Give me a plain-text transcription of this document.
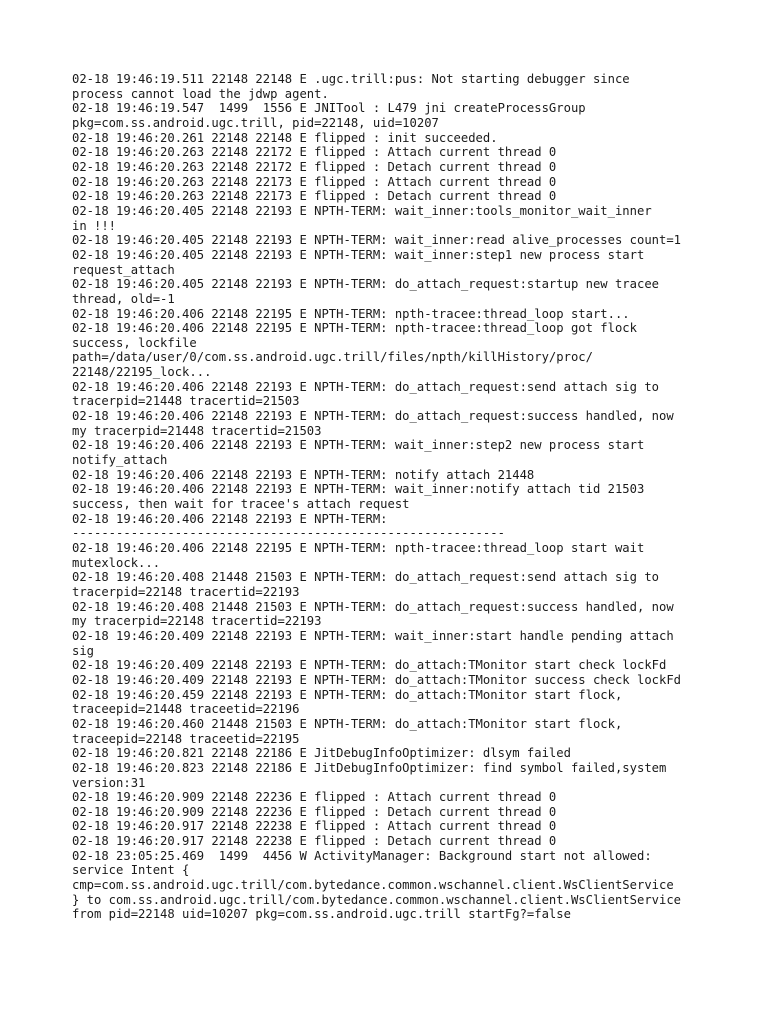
02-18 19:46:19.511 22148 22148 E .ugc.trill:pus: Not starting debugger since
process cannot load the jdwp agent.
02-18 19:46:19.547  1499  1556 E JNITool : L479 jni createProcessGroup
pkg=com.ss.android.ugc.trill, pid=22148, uid=10207
02-18 19:46:20.261 22148 22148 E flipped : init succeeded.
02-18 19:46:20.263 22148 22172 E flipped : Attach current thread 0
02-18 19:46:20.263 22148 22172 E flipped : Detach current thread 0
02-18 19:46:20.263 22148 22173 E flipped : Attach current thread 0
02-18 19:46:20.263 22148 22173 E flipped : Detach current thread 0
02-18 19:46:20.405 22148 22193 E NPTH-TERM: wait_inner:tools_monitor_wait_inner
in !!!
02-18 19:46:20.405 22148 22193 E NPTH-TERM: wait_inner:read alive_processes count=1
02-18 19:46:20.405 22148 22193 E NPTH-TERM: wait_inner:step1 new process start
request_attach
02-18 19:46:20.405 22148 22193 E NPTH-TERM: do_attach_request:startup new tracee
thread, old=-1
02-18 19:46:20.406 22148 22195 E NPTH-TERM: npth-tracee:thread_loop start...
02-18 19:46:20.406 22148 22195 E NPTH-TERM: npth-tracee:thread_loop got flock
success, lockfile
path=/data/user/0/com.ss.android.ugc.trill/files/npth/killHistory/proc/
22148/22195_lock...
02-18 19:46:20.406 22148 22193 E NPTH-TERM: do_attach_request:send attach sig to
tracerpid=21448 tracertid=21503
02-18 19:46:20.406 22148 22193 E NPTH-TERM: do_attach_request:success handled, now
my tracerpid=21448 tracertid=21503
02-18 19:46:20.406 22148 22193 E NPTH-TERM: wait_inner:step2 new process start
notify_attach
02-18 19:46:20.406 22148 22193 E NPTH-TERM: notify attach 21448
02-18 19:46:20.406 22148 22193 E NPTH-TERM: wait_inner:notify attach tid 21503
success, then wait for tracee's attach request
02-18 19:46:20.406 22148 22193 E NPTH-TERM:
-----------------------------------------------------------
02-18 19:46:20.406 22148 22195 E NPTH-TERM: npth-tracee:thread_loop start wait
mutexlock...
02-18 19:46:20.408 21448 21503 E NPTH-TERM: do_attach_request:send attach sig to
tracerpid=22148 tracertid=22193
02-18 19:46:20.408 21448 21503 E NPTH-TERM: do_attach_request:success handled, now
my tracerpid=22148 tracertid=22193
02-18 19:46:20.409 22148 22193 E NPTH-TERM: wait_inner:start handle pending attach
sig
02-18 19:46:20.409 22148 22193 E NPTH-TERM: do_attach:TMonitor start check lockFd
02-18 19:46:20.409 22148 22193 E NPTH-TERM: do_attach:TMonitor success check lockFd
02-18 19:46:20.459 22148 22193 E NPTH-TERM: do_attach:TMonitor start flock,
traceepid=21448 traceetid=22196
02-18 19:46:20.460 21448 21503 E NPTH-TERM: do_attach:TMonitor start flock,
traceepid=22148 traceetid=22195
02-18 19:46:20.821 22148 22186 E JitDebugInfoOptimizer: dlsym failed
02-18 19:46:20.823 22148 22186 E JitDebugInfoOptimizer: find symbol failed,system
version:31
02-18 19:46:20.909 22148 22236 E flipped : Attach current thread 0
02-18 19:46:20.909 22148 22236 E flipped : Detach current thread 0
02-18 19:46:20.917 22148 22238 E flipped : Attach current thread 0
02-18 19:46:20.917 22148 22238 E flipped : Detach current thread 0
02-18 23:05:25.469  1499  4456 W ActivityManager: Background start not allowed:
service Intent {
cmp=com.ss.android.ugc.trill/com.bytedance.common.wschannel.client.WsClientService
} to com.ss.android.ugc.trill/com.bytedance.common.wschannel.client.WsClientService
from pid=22148 uid=10207 pkg=com.ss.android.ugc.trill startFg?=false
